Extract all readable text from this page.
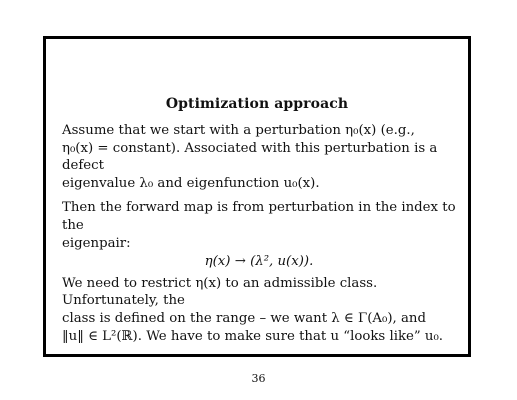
Optimization approach
Assume that we start with a perturbation η₀(x) (e.g.,
η₀(x) = constant). Associated with this perturbation is a defect
eigenvalue λ₀ and eigenfunction u₀(x).
Then the forward map is from perturbation in the index to the
eigenpair:
η(x) → (λ², u(x)).
We need to restrict η(x) to an admissible class. Unfortunately, the
class is defined on the range – we want λ ∈ Γ(A₀), and
‖u‖ ∈ L²(ℝ). We have to make sure that u “looks like” u₀.
36
